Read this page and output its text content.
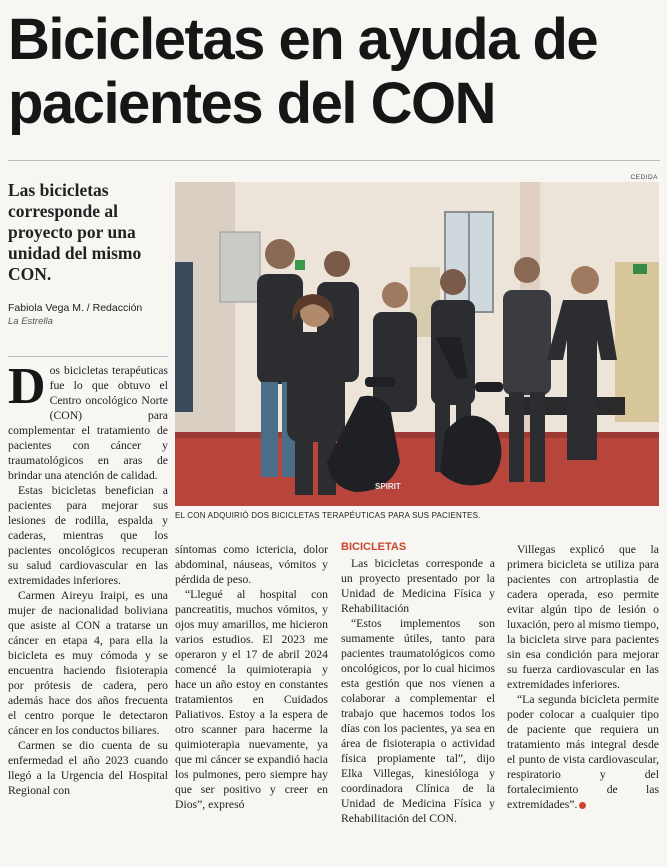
Bicicletas en ayuda de pacientes del CON
Las bicicletas corresponde al proyecto por una unidad del mismo CON.
Fabiola Vega M. / Redacción
La Estrella
CEDIDA
SPIRIT
EL CON ADQUIRIÓ DOS BICICLETAS TERAPÉUTICAS PARA SUS PACIENTES.

Dos bicicletas terapéuticas fue lo que obtuvo el Centro oncológico Norte (CON) para complementar el tratamiento de pacientes con cáncer y traumatológicos en aras de brindar una atención de calidad.

Estas bicicletas benefician a pacientes para mejorar sus lesiones de rodilla, espalda y caderas, mientras que los pacientes oncológicos recuperan su salud cardiovascular en las extremidades inferiores.

Carmen Aireyu Iraipi, es una mujer de nacionalidad boliviana que asiste al CON a tratarse un cáncer en etapa 4, para ella la bicicleta es muy cómoda y se encuentra haciendo fisioterapia por prótesis de cadera, pero además hace dos años frecuenta el centro porque le detectaron cáncer en los conductos biliares.

Carmen se dio cuenta de su enfermedad el año 2023 cuando llegó a la Urgencia del Hospital Regional con

síntomas como ictericia, dolor abdominal, náuseas, vómitos y pérdida de peso.

“Llegué al hospital con pancreatitis, muchos vómitos, y ojos muy amarillos, me hicieron varios estudios. El 2023 me operaron y el 17 de abril 2024 comencé la quimioterapia y hace un año estoy en constantes tratamientos en Cuidados Paliativos. Estoy a la espera de otro scanner para hacerme la quimioterapia nuevamente, ya que mi cáncer se expandió hacia los pulmones, pero siempre hay que ser positivo y creer en Dios”, expresó

BICICLETAS

Las bicicletas corresponde a un proyecto presentado por la Unidad de Medicina Física y Rehabilitación

“Estos implementos son sumamente útiles, tanto para pacientes traumatológicos como oncológicos, por lo cual hicimos esta gestión que nos vienen a colaborar a complementar el trabajo que hacemos todos los días con los pacientes, ya sea en área de fisioterapia o actividad física propiamente tal”, dijo Elka Villegas, kinesióloga y coordinadora Clínica de la Unidad de Medicina Física y Rehabilitación del CON.

Villegas explicó que la primera bicicleta se utiliza para pacientes con artroplastia de cadera operada, eso permite evitar algún tipo de lesión o luxación, pero al mismo tiempo, la bicicleta sirve para pacientes sin esa condición para mejorar su fuerza cardiovascular en las extremidades inferiores.

“La segunda bicicleta permite poder colocar a cualquier tipo de paciente que requiera un tratamiento más integral desde el punto de vista cardiovascular, respiratorio y del fortalecimiento de las extremidades”.
